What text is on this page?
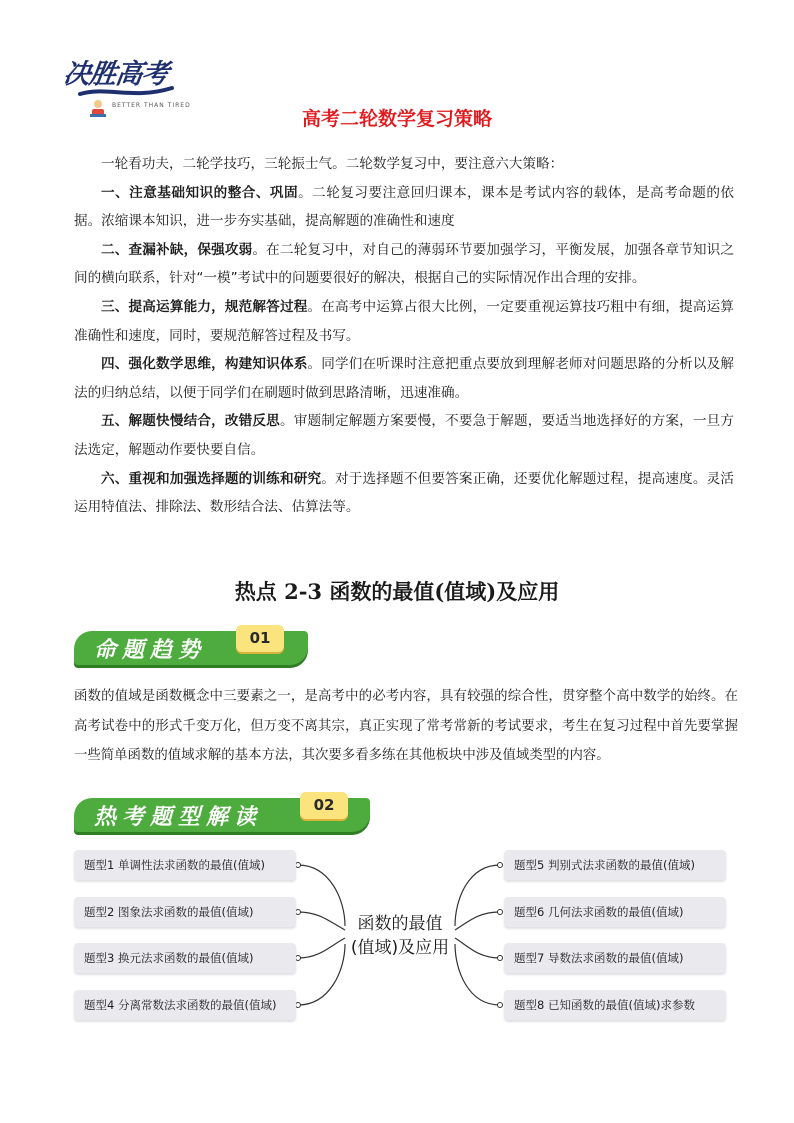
决胜高考
BETTER THAN TIRED
高考二轮数学复习策略

一轮看功夫，二轮学技巧，三轮振士气。二轮数学复习中，要注意六大策略：

一、注意基础知识的整合、巩固。二轮复习要注意回归课本，课本是考试内容的载体，是高考命题的依据。浓缩课本知识，进一步夯实基础，提高解题的准确性和速度

二、查漏补缺，保强攻弱。在二轮复习中，对自己的薄弱环节要加强学习，平衡发展，加强各章节知识之间的横向联系，针对“一模”考试中的问题要很好的解决，根据自己的实际情况作出合理的安排。

三、提高运算能力，规范解答过程。在高考中运算占很大比例，一定要重视运算技巧粗中有细，提高运算准确性和速度，同时，要规范解答过程及书写。

四、强化数学思维，构建知识体系。同学们在听课时注意把重点要放到理解老师对问题思路的分析以及解法的归纳总结，以便于同学们在刷题时做到思路清晰，迅速准确。

五、解题快慢结合，改错反思。审题制定解题方案要慢，不要急于解题，要适当地选择好的方案，一旦方法选定，解题动作要快要自信。

六、重视和加强选择题的训练和研究。对于选择题不但要答案正确，还要优化解题过程，提高速度。灵活运用特值法、排除法、数形结合法、估算法等。

热点 2-3 函数的最值(值域)及应用
命题趋势	01
函数的值域是函数概念中三要素之一，是高考中的必考内容，具有较强的综合性，贯穿整个高中数学的始终。在高考试卷中的形式千变万化，但万变不离其宗，真正实现了常考常新的考试要求，考生在复习过程中首先要掌握一些简单函数的值域求解的基本方法，其次要多看多练在其他板块中涉及值域类型的内容。
热考题型解读	02
题型1 单调性法求函数的最值(值域)
题型2 图象法求函数的最值(值域)
题型3 换元法求函数的最值(值域)
题型4 分离常数法求函数的最值(值域)
题型5 判别式法求函数的最值(值域)
题型6 几何法求函数的最值(值域)
题型7 导数法求函数的最值(值域)
题型8 已知函数的最值(值域)求参数
函数的最值
(值域)及应用
